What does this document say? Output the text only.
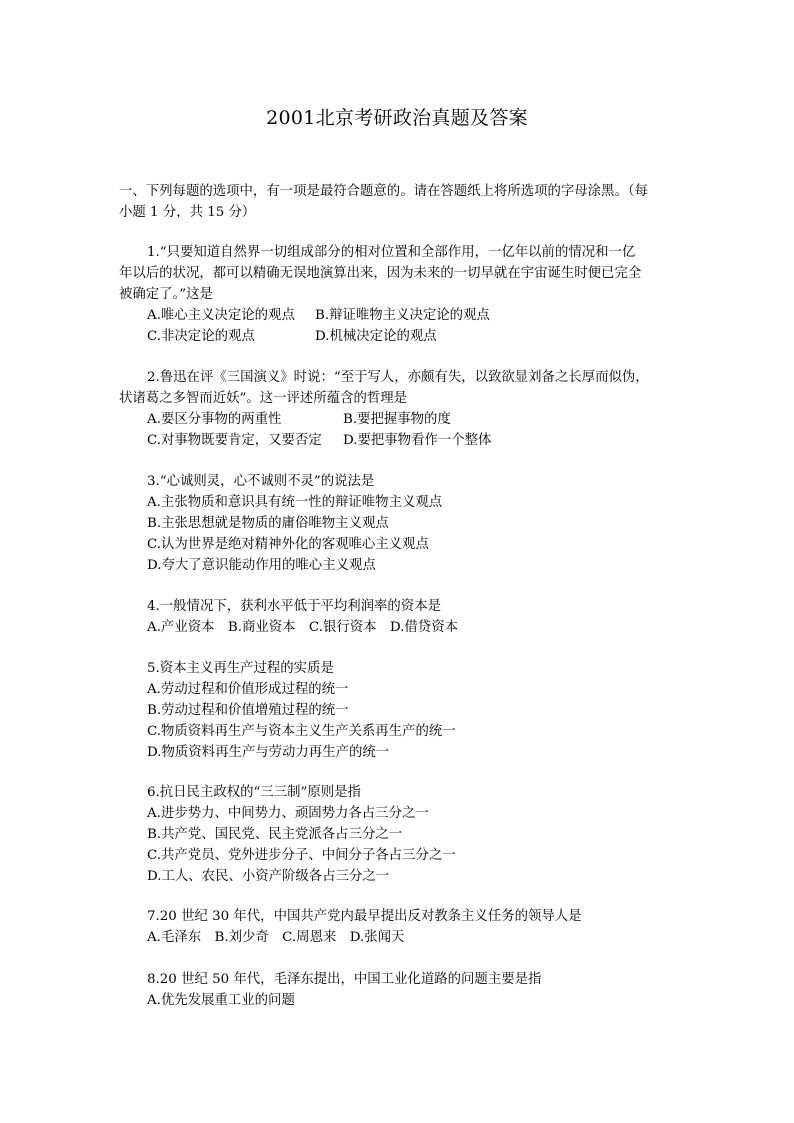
2001北京考研政治真题及答案
一、下列每题的选项中，有一项是最符合题意的。请在答题纸上将所选项的字母涂黑。（每
小题 1 分，共 15 分）
1.“只要知道自然界一切组成部分的相对位置和全部作用，一亿年以前的情况和一亿
年以后的状况，都可以精确无误地演算出来，因为未来的一切早就在宇宙诞生时便已完全
被确定了。”这是
A.唯心主义决定论的观点	B.辩证唯物主义决定论的观点
C.非决定论的观点	D.机械决定论的观点
2.鲁迅在评《三国演义》时说：“至于写人，亦颇有失，以致欲显刘备之长厚而似伪，
状诸葛之多智而近妖”。这一评述所蕴含的哲理是
A.要区分事物的两重性	B.要把握事物的度
C.对事物既要肯定，又要否定	D.要把事物看作一个整体
3.“心诚则灵，心不诚则不灵”的说法是
A.主张物质和意识具有统一性的辩证唯物主义观点
B.主张思想就是物质的庸俗唯物主义观点
C.认为世界是绝对精神外化的客观唯心主义观点
D.夸大了意识能动作用的唯心主义观点
4.一般情况下，获利水平低于平均利润率的资本是
A.产业资本　B.商业资本　C.银行资本　D.借贷资本
5.资本主义再生产过程的实质是
A.劳动过程和价值形成过程的统一
B.劳动过程和价值增殖过程的统一
C.物质资料再生产与资本主义生产关系再生产的统一
D.物质资料再生产与劳动力再生产的统一
6.抗日民主政权的“三三制”原则是指
A.进步势力、中间势力、顽固势力各占三分之一
B.共产党、国民党、民主党派各占三分之一
C.共产党员、党外进步分子、中间分子各占三分之一
D.工人、农民、小资产阶级各占三分之一
7.20 世纪 30 年代，中国共产党内最早提出反对教条主义任务的领导人是
A.毛泽东　B.刘少奇　C.周恩来　D.张闻天
8.20 世纪 50 年代，毛泽东提出，中国工业化道路的问题主要是指
A.优先发展重工业的问题
